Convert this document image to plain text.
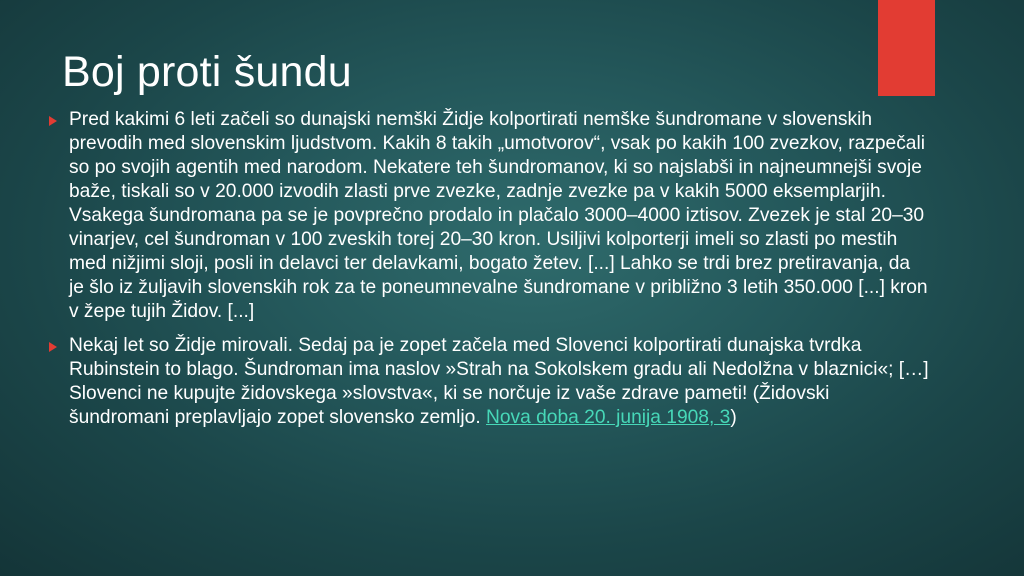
Boj proti šundu
Pred kakimi 6 leti začeli so dunajski nemški Židje kolportirati nemške šundromane v slovenskih prevodih med slovenskim ljudstvom. Kakih 8 takih „umotvorov“, vsak po kakih 100 zvezkov, razpečali so po svojih agentih med narodom. Nekatere teh šundromanov, ki so najslabši in najneumnejši svoje baže, tiskali so v 20.000 izvodih zlasti prve zvezke, zadnje zvezke pa v kakih 5000 eksemplarjih. Vsakega šundromana pa se je povprečno prodalo in plačalo 3000–4000 iztisov. Zvezek je stal 20–30 vinarjev, cel šundroman v 100 zveskih torej 20–30 kron. Usiljivi kolporterji imeli so zlasti po mestih med nižjimi sloji, posli in delavci ter delavkami, bogato žetev. [...] Lahko se trdi brez pretiravanja, da je šlo iz žuljavih slovenskih rok za te poneumnevalne šundromane v približno 3 letih 350.000 [...] kron v žepe tujih Židov. [...]
Nekaj let so Židje mirovali. Sedaj pa je zopet začela med Slovenci kolportirati dunajska tvrdka Rubinstein to blago. Šundroman ima naslov »Strah na Sokolskem gradu ali Nedolžna v blaznici«; […] Slovenci ne kupujte židovskega »slovstva«, ki se norčuje iz vaše zdrave pameti! (Židovski šundromani preplavljajo zopet slovensko zemljo. Nova doba 20. junija 1908, 3)
